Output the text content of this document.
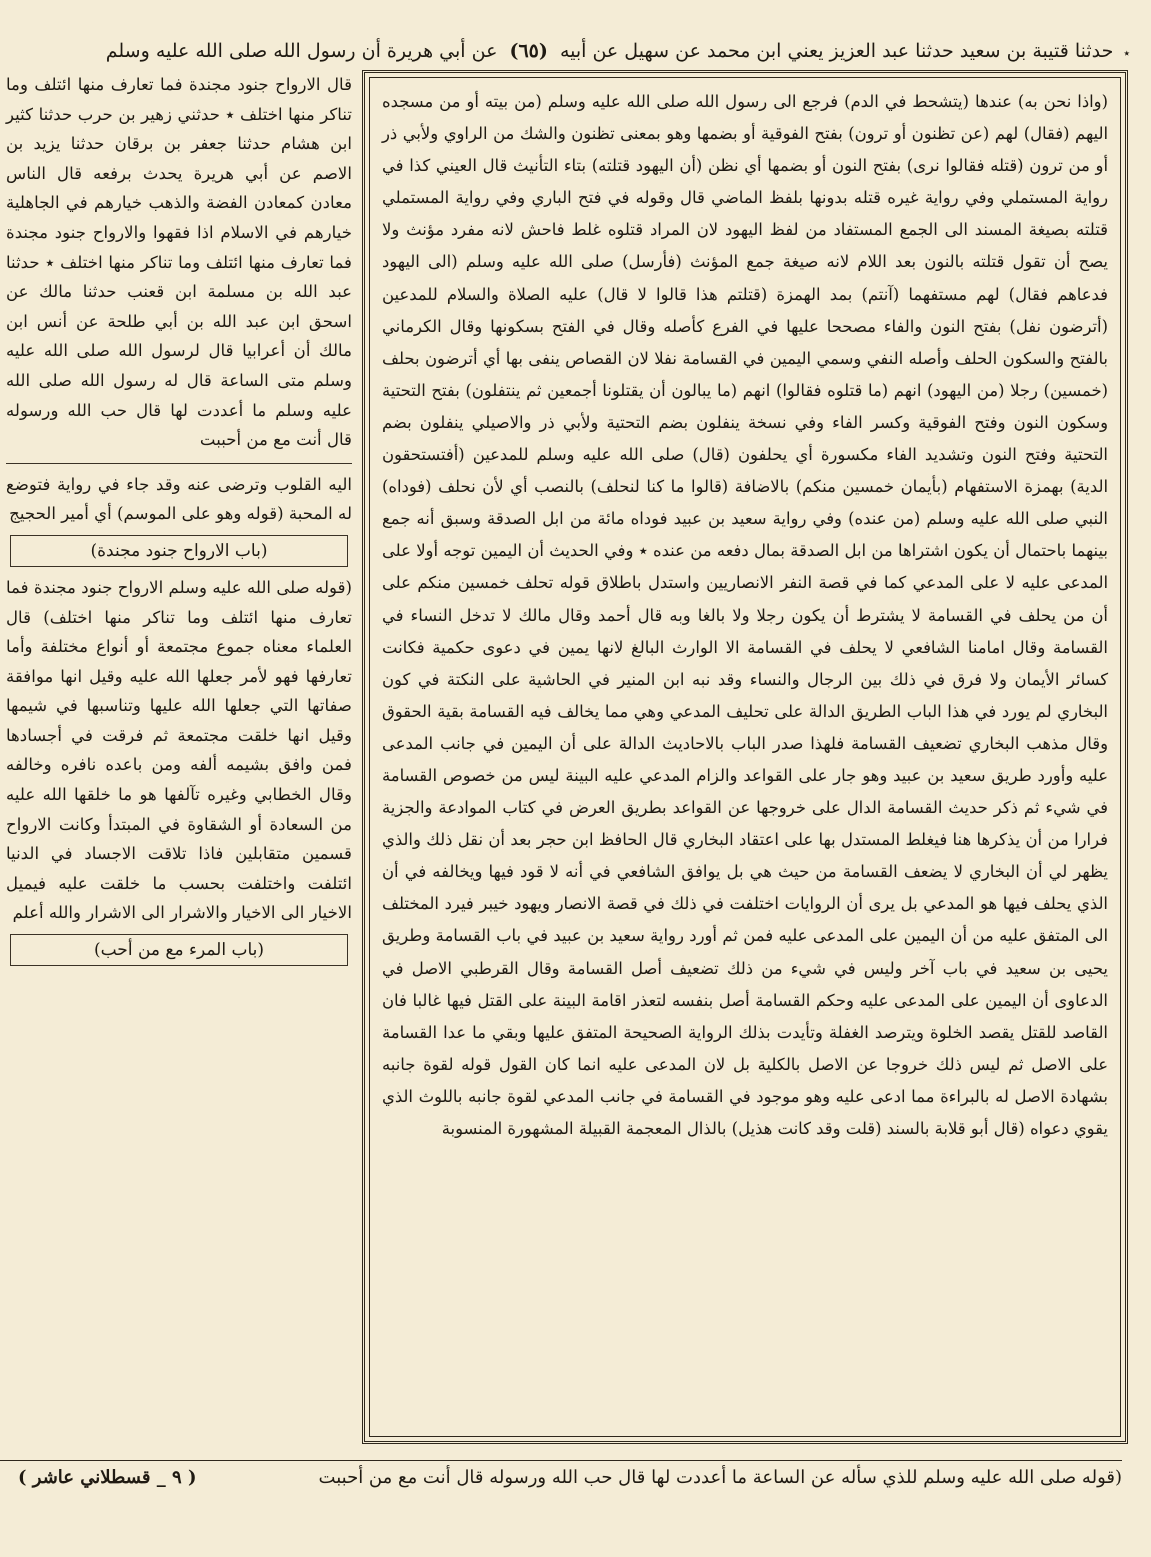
٭ حدثنا قتيبة بن سعيد حدثنا عبد العزيز يعني ابن محمد عن سهيل عن أبيه (٦٥) عن أبي هريرة أن رسول الله صلى الله عليه وسلم

قال الارواح جنود مجندة فما تعارف منها ائتلف وما تناكر منها اختلف ٭ حدثني زهير بن حرب حدثنا كثير ابن هشام حدثنا جعفر بن برقان حدثنا يزيد بن الاصم عن أبي هريرة يحدث برفعه قال الناس معادن كمعادن الفضة والذهب خيارهم في الجاهلية خيارهم في الاسلام اذا فقهوا والارواح جنود مجندة فما تعارف منها ائتلف وما تناكر منها اختلف ٭ حدثنا عبد الله بن مسلمة ابن قعنب حدثنا مالك عن اسحق ابن عبد الله بن أبي طلحة عن أنس ابن مالك أن أعرابيا قال لرسول الله صلى الله عليه وسلم متى الساعة قال له رسول الله صلى الله عليه وسلم ما أعددت لها قال حب الله ورسوله قال أنت مع من أحببت

اليه القلوب وترضى عنه وقد جاء في رواية فتوضع له المحبة (قوله وهو على الموسم) أي أمير الحجيج

(باب الارواح جنود مجندة)

(قوله صلى الله عليه وسلم الارواح جنود مجندة فما تعارف منها ائتلف وما تناكر منها اختلف) قال العلماء معناه جموع مجتمعة أو أنواع مختلفة وأما تعارفها فهو لأمر جعلها الله عليه وقيل انها موافقة صفاتها التي جعلها الله عليها وتناسبها في شيمها وقيل انها خلقت مجتمعة ثم فرقت في أجسادها فمن وافق بشيمه ألفه ومن باعده نافره وخالفه وقال الخطابي وغيره تآلفها هو ما خلقها الله عليه من السعادة أو الشقاوة في المبتدأ وكانت الارواح قسمين متقابلين فاذا تلاقت الاجساد في الدنيا ائتلفت واختلفت بحسب ما خلقت عليه فيميل الاخيار الى الاخيار والاشرار الى الاشرار والله أعلم

(باب المرء مع من أحب)

(واذا نحن به) عندها (يتشحط في الدم) فرجع الى رسول الله صلى الله عليه وسلم (من بيته أو من مسجده اليهم (فقال) لهم (عن تظنون أو ترون) بفتح الفوقية أو بضمها وهو بمعنى تظنون والشك من الراوي ولأبي ذر أو من ترون (قتله فقالوا نرى) بفتح النون أو بضمها أي نظن (أن اليهود قتلته) بتاء التأنيث قال العيني كذا في رواية المستملي وفي رواية غيره قتله بدونها بلفظ الماضي قال وقوله في فتح الباري وفي رواية المستملي قتلته بصيغة المسند الى الجمع المستفاد من لفظ اليهود لان المراد قتلوه غلط فاحش لانه مفرد مؤنث ولا يصح أن تقول قتلته بالنون بعد اللام لانه صيغة جمع المؤنث (فأرسل) صلى الله عليه وسلم (الى اليهود فدعاهم فقال) لهم مستفهما (آنتم) بمد الهمزة (قتلتم هذا قالوا لا قال) عليه الصلاة والسلام للمدعين (أترضون نفل) بفتح النون والفاء مصححا عليها في الفرع كأصله وقال في الفتح بسكونها وقال الكرماني بالفتح والسكون الحلف وأصله النفي وسمي اليمين في القسامة نفلا لان القصاص ينفى بها أي أترضون بحلف (خمسين) رجلا (من اليهود) انهم (ما قتلوه فقالوا) انهم (ما يبالون أن يقتلونا أجمعين ثم ينتفلون) بفتح التحتية وسكون النون وفتح الفوقية وكسر الفاء وفي نسخة ينفلون بضم التحتية ولأبي ذر والاصيلي ينفلون بضم التحتية وفتح النون وتشديد الفاء مكسورة أي يحلفون (قال) صلى الله عليه وسلم للمدعين (أفتستحقون الدية) بهمزة الاستفهام (بأيمان خمسين منكم) بالاضافة (قالوا ما كنا لنحلف) بالنصب أي لأن نحلف (فوداه) النبي صلى الله عليه وسلم (من عنده) وفي رواية سعيد بن عبيد فوداه مائة من ابل الصدقة وسبق أنه جمع بينهما باحتمال أن يكون اشتراها من ابل الصدقة بمال دفعه من عنده ٭ وفي الحديث أن اليمين توجه أولا على المدعى عليه لا على المدعي كما في قصة النفر الانصاريين واستدل باطلاق قوله تحلف خمسين منكم على أن من يحلف في القسامة لا يشترط أن يكون رجلا ولا بالغا وبه قال أحمد وقال مالك لا تدخل النساء في القسامة وقال امامنا الشافعي لا يحلف في القسامة الا الوارث البالغ لانها يمين في دعوى حكمية فكانت كسائر الأيمان ولا فرق في ذلك بين الرجال والنساء وقد نبه ابن المنير في الحاشية على النكتة في كون البخاري لم يورد في هذا الباب الطريق الدالة على تحليف المدعي وهي مما يخالف فيه القسامة بقية الحقوق وقال مذهب البخاري تضعيف القسامة فلهذا صدر الباب بالاحاديث الدالة على أن اليمين في جانب المدعى عليه وأورد طريق سعيد بن عبيد وهو جار على القواعد والزام المدعي عليه البينة ليس من خصوص القسامة في شيء ثم ذكر حديث القسامة الدال على خروجها عن القواعد بطريق العرض في كتاب الموادعة والجزية فرارا من أن يذكرها هنا فيغلط المستدل بها على اعتقاد البخاري قال الحافظ ابن حجر بعد أن نقل ذلك والذي يظهر لي أن البخاري لا يضعف القسامة من حيث هي بل يوافق الشافعي في أنه لا قود فيها ويخالفه في أن الذي يحلف فيها هو المدعي بل يرى أن الروايات اختلفت في ذلك في قصة الانصار ويهود خيبر فيرد المختلف الى المتفق عليه من أن اليمين على المدعى عليه فمن ثم أورد رواية سعيد بن عبيد في باب القسامة وطريق يحيى بن سعيد في باب آخر وليس في شيء من ذلك تضعيف أصل القسامة وقال القرطبي الاصل في الدعاوى أن اليمين على المدعى عليه وحكم القسامة أصل بنفسه لتعذر اقامة البينة على القتل فيها غالبا فان القاصد للقتل يقصد الخلوة ويترصد الغفلة وتأيدت بذلك الرواية الصحيحة المتفق عليها وبقي ما عدا القسامة على الاصل ثم ليس ذلك خروجا عن الاصل بالكلية بل لان المدعى عليه انما كان القول قوله لقوة جانبه بشهادة الاصل له بالبراءة مما ادعى عليه وهو موجود في القسامة في جانب المدعي لقوة جانبه باللوث الذي يقوي دعواه (قال أبو قلابة بالسند (قلت وقد كانت هذيل) بالذال المعجمة القبيلة المشهورة المنسوبة

( ٩ _ قسطلاني عاشر )	(قوله صلى الله عليه وسلم للذي سأله عن الساعة ما أعددت لها قال حب الله ورسوله قال أنت مع من أحببت
